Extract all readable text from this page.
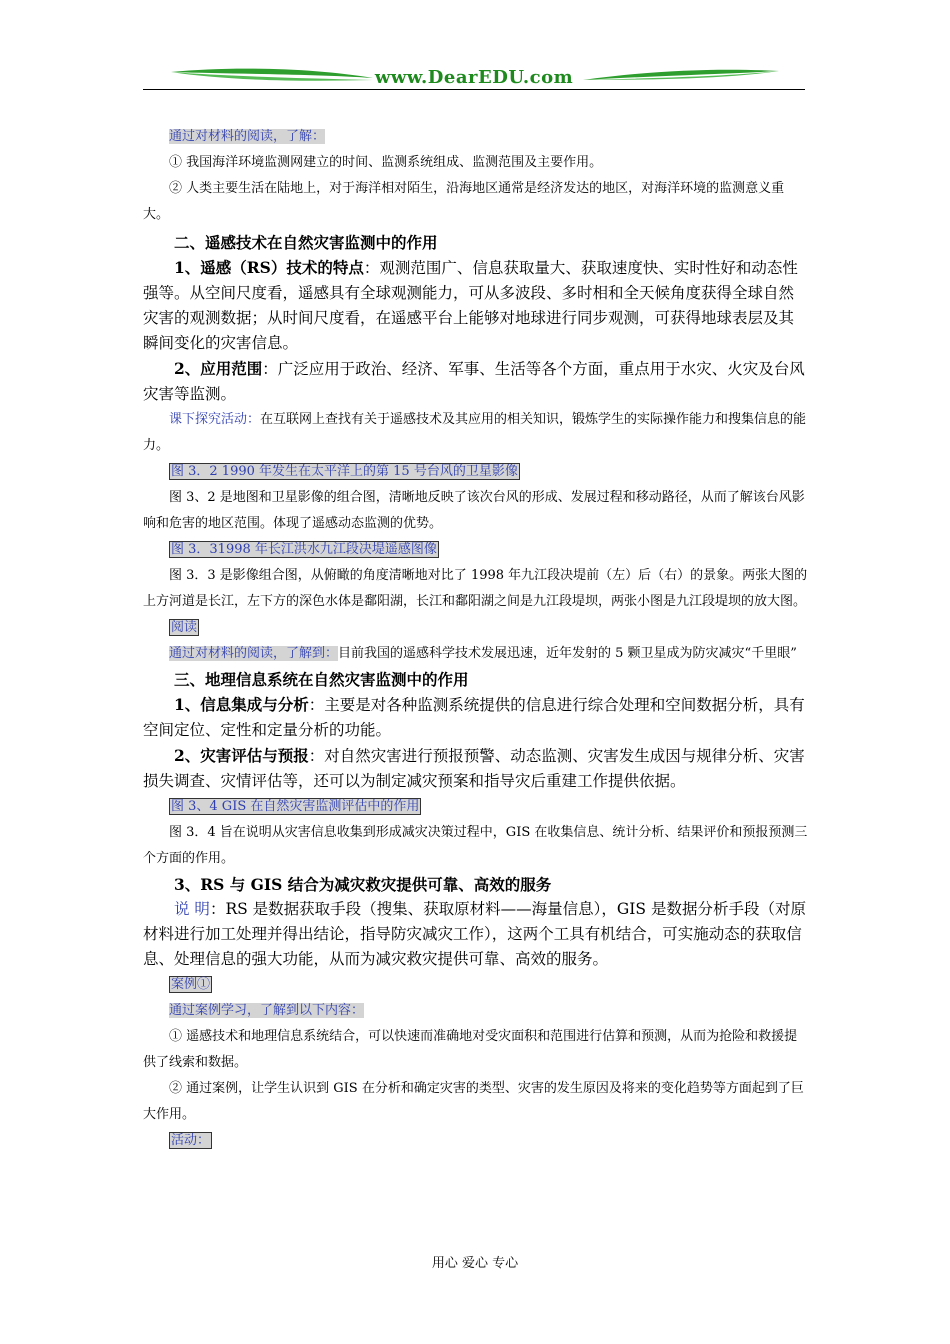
www.DearEDU.com

通过对材料的阅读，了解：

① 我国海洋环境监测网建立的时间、监测系统组成、监测范围及主要作用。

② 人类主要生活在陆地上，对于海洋相对陌生，沿海地区通常是经济发达的地区，对海洋环境的监测意义重大。

二、遥感技术在自然灾害监测中的作用

1、遥感（RS）技术的特点：观测范围广、信息获取量大、获取速度快、实时性好和动态性强等。从空间尺度看，遥感具有全球观测能力，可从多波段、多时相和全天候角度获得全球自然灾害的观测数据；从时间尺度看，在遥感平台上能够对地球进行同步观测，可获得地球表层及其瞬间变化的灾害信息。

2、应用范围：广泛应用于政治、经济、军事、生活等各个方面，重点用于水灾、火灾及台风灾害等监测。

课下探究活动：在互联网上查找有关于遥感技术及其应用的相关知识，锻炼学生的实际操作能力和搜集信息的能力。

图 3．2 1990 年发生在太平洋上的第 15 号台风的卫星影像

图 3、2 是地图和卫星影像的组合图，清晰地反映了该次台风的形成、发展过程和移动路径，从而了解该台风影响和危害的地区范围。体现了遥感动态监测的优势。

图 3．31998 年长江洪水九江段决堤遥感图像

图 3．3 是影像组合图，从俯瞰的角度清晰地对比了 1998 年九江段决堤前（左）后（右）的景象。两张大图的上方河道是长江，左下方的深色水体是鄱阳湖，长江和鄱阳湖之间是九江段堤坝，两张小图是九江段堤坝的放大图。

阅读

通过对材料的阅读，了解到：目前我国的遥感科学技术发展迅速，近年发射的 5 颗卫星成为防灾减灾“千里眼”

三、地理信息系统在自然灾害监测中的作用

1、信息集成与分析：主要是对各种监测系统提供的信息进行综合处理和空间数据分析，具有空间定位、定性和定量分析的功能。

2、灾害评估与预报：对自然灾害进行预报预警、动态监测、灾害发生成因与规律分析、灾害损失调查、灾情评估等，还可以为制定减灾预案和指导灾后重建工作提供依据。

图 3、4 GIS 在自然灾害监测评估中的作用

图 3．4 旨在说明从灾害信息收集到形成减灾决策过程中，GIS 在收集信息、统计分析、结果评价和预报预测三个方面的作用。

3、RS 与 GIS 结合为减灾救灾提供可靠、高效的服务

说 明：RS 是数据获取手段（搜集、获取原材料——海量信息），GIS 是数据分析手段（对原材料进行加工处理并得出结论，指导防灾减灾工作），这两个工具有机结合，可实施动态的获取信息、处理信息的强大功能，从而为减灾救灾提供可靠、高效的服务。

案例①

通过案例学习，了解到以下内容：

① 遥感技术和地理信息系统结合，可以快速而准确地对受灾面积和范围进行估算和预测，从而为抢险和救援提供了线索和数据。

② 通过案例，让学生认识到 GIS 在分析和确定灾害的类型、灾害的发生原因及将来的变化趋势等方面起到了巨大作用。

活动：

用心 爱心 专心
